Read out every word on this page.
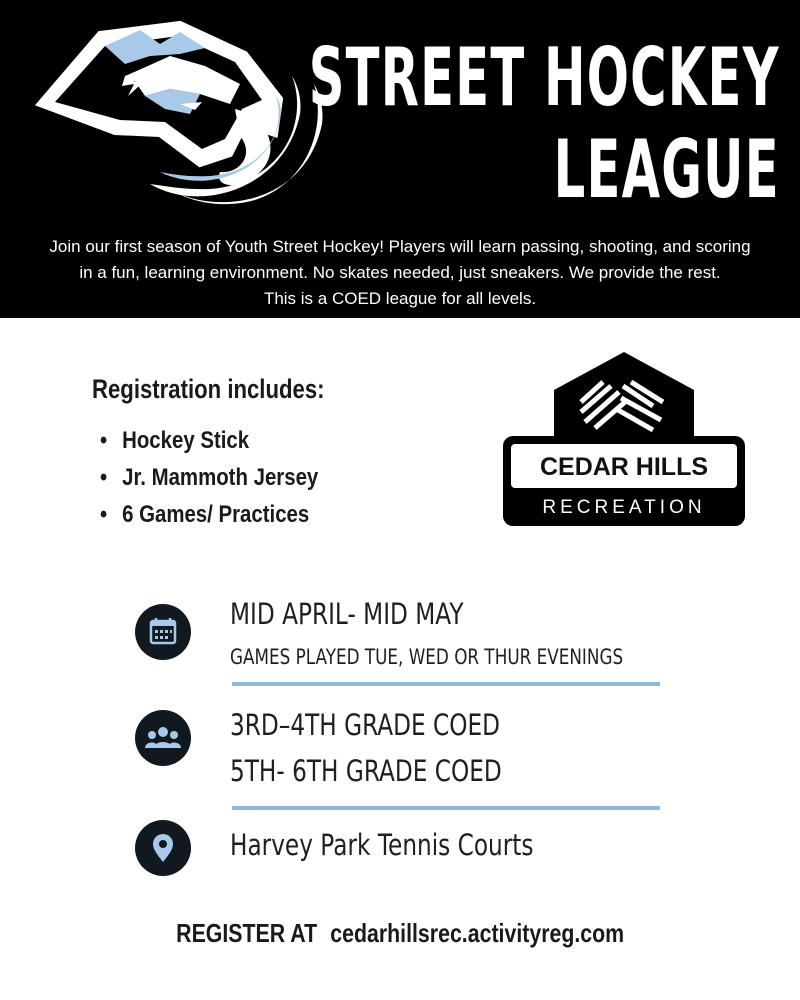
STREET HOCKEY
LEAGUE
Join our first season of Youth Street Hockey! Players will learn passing, shooting, and scoring
in a fun, learning environment. No skates needed, just sneakers. We provide the rest.
This is a COED league for all levels.
Registration includes:
• Hockey Stick
• Jr. Mammoth Jersey
• 6 Games/ Practices
CEDAR HILLS
RECREATION
MID APRIL- MID MAY
GAMES PLAYED TUE, WED OR THUR EVENINGS
3RD–4TH GRADE COED
5TH- 6TH GRADE COED
Harvey Park Tennis Courts
REGISTER AT cedarhillsrec.activityreg.com
